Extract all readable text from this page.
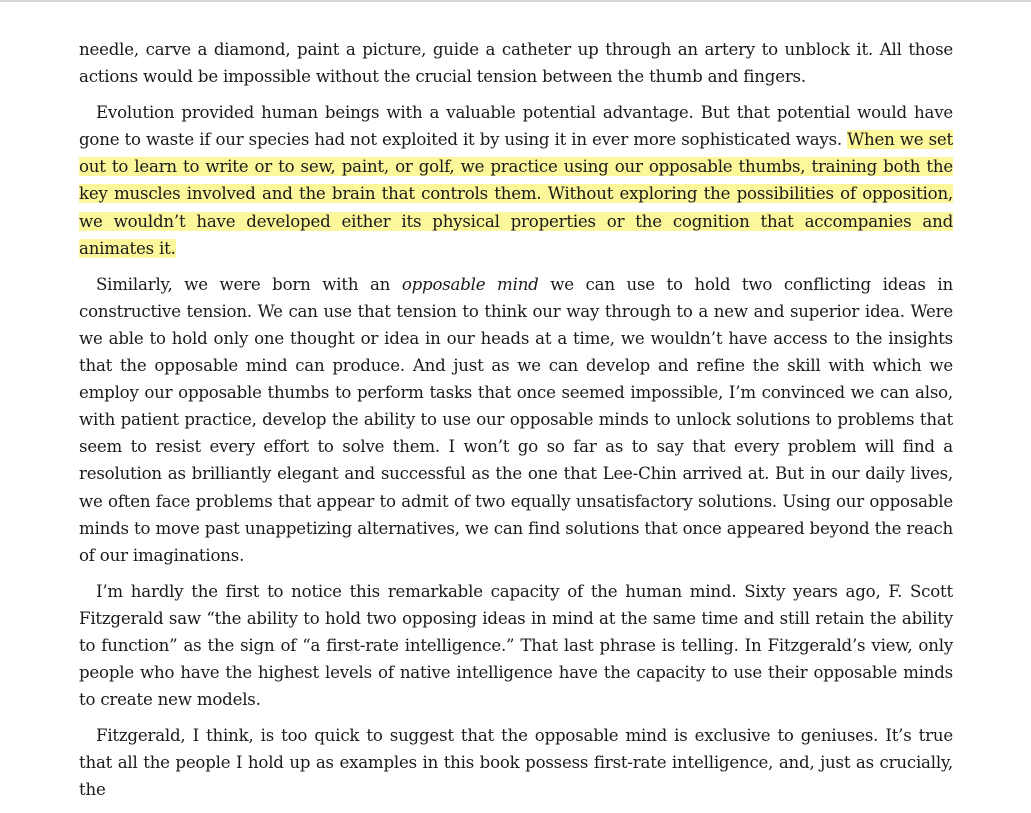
needle, carve a diamond, paint a picture, guide a catheter up through an artery to unblock it. All those actions would be impossible without the crucial tension between the thumb and fingers.

Evolution provided human beings with a valuable potential advantage. But that potential would have gone to waste if our species had not exploited it by using it in ever more sophisticated ways. When we set out to learn to write or to sew, paint, or golf, we practice using our opposable thumbs, training both the key muscles involved and the brain that controls them. Without exploring the possibilities of opposition, we wouldn’t have developed either its physical properties or the cognition that accompanies and animates it.

Similarly, we were born with an opposable mind we can use to hold two conflicting ideas in constructive tension. We can use that tension to think our way through to a new and superior idea. Were we able to hold only one thought or idea in our heads at a time, we wouldn’t have access to the insights that the opposable mind can produce. And just as we can develop and refine the skill with which we employ our opposable thumbs to perform tasks that once seemed impossible, I’m convinced we can also, with patient practice, develop the ability to use our opposable minds to unlock solutions to problems that seem to resist every effort to solve them. I won’t go so far as to say that every problem will find a resolution as brilliantly elegant and successful as the one that Lee-Chin arrived at. But in our daily lives, we often face problems that appear to admit of two equally unsatisfactory solutions. Using our opposable minds to move past unappetizing alternatives, we can find solutions that once appeared beyond the reach of our imaginations.

I’m hardly the first to notice this remarkable capacity of the human mind. Sixty years ago, F. Scott Fitzgerald saw “the ability to hold two opposing ideas in mind at the same time and still retain the ability to function” as the sign of “a first-rate intelligence.” That last phrase is telling. In Fitzgerald’s view, only people who have the highest levels of native intelligence have the capacity to use their opposable minds to create new models.

Fitzgerald, I think, is too quick to suggest that the opposable mind is exclusive to geniuses. It’s true that all the people I hold up as examples in this book possess first-rate intelligence, and, just as crucially, the
